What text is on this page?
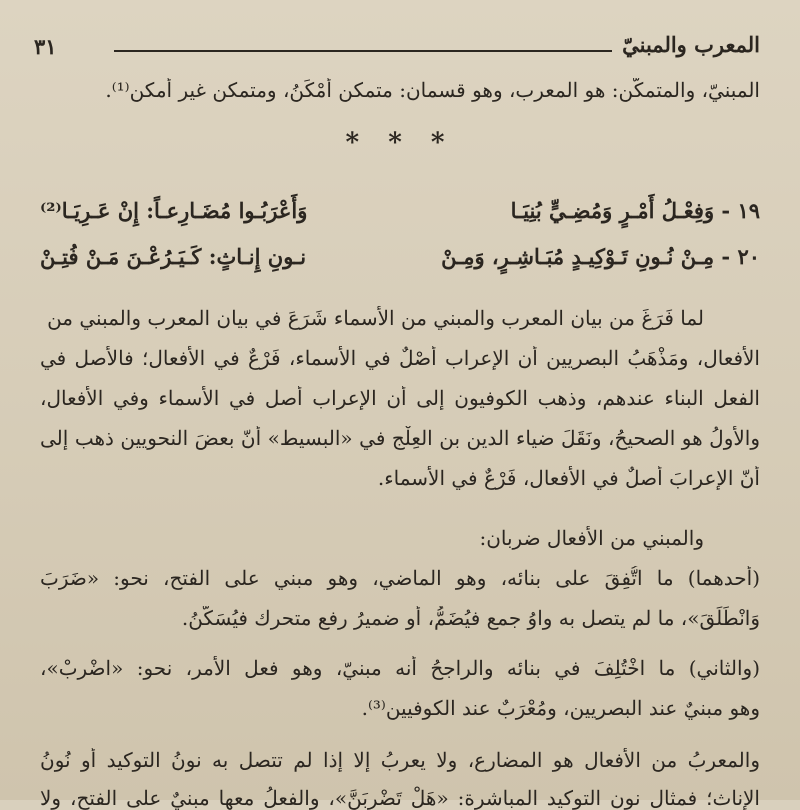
المعرب والمبنيّ
٣١
المبنيّ، والمتمكّن: هو المعرب، وهو قسمان: متمكن أَمْكَنُ، ومتمكن غير أمكن⁽¹⁾.
* * *
١٩ - وَفِعْـلُ أَمْـرٍ وَمُضِـيٍّ بُنِيَـا
وَأَعْرَبُـوا مُضَـارِعـاً: إِنْ عَـرِيَـا⁽²⁾
٢٠ - مِـنْ نُـونِ تَـوْكِيـدٍ مُبَـاشِـرٍ، وَمِـنْ
نـونِ إِنـاثٍ: كَـيَـرُعْـنَ مَـنْ فُتِـنْ
لما فَرَغَ من بيان المعرب والمبني من الأسماء شَرَعَ في بيان المعرب والمبني من
الأفعال، ومَذْهَبُ البصريين أن الإعراب أَصْلٌ في الأسماء، فَرْعٌ في الأفعال؛ فالأصل في
الفعل البناء عندهم، وذهب الكوفيون إلى أن الإعراب أصل في الأسماء وفي الأفعال،
والأولُ هو الصحيحُ، ونَقَلَ ضياء الدين بن العِلْج في «البسيط» أَنّ بعضَ النحويين ذهب إلى
أنّ الإعرابَ أصلٌ في الأفعال، فَرْعٌ في الأسماء.
والمبني من الأفعال ضربان:
(أحدهما) ما اتُّفِقَ على بنائه، وهو الماضي، وهو مبني على الفتح، نحو: «ضَرَبَ
وَانْطَلَقَ»، ما لم يتصل به واوُ جمعٍ فيُضَمُّ، أو ضميرُ رفعٍ متحرك فيُسَكَّنُ.
(والثاني) ما اخْتُلِفَ في بنائه والراجحُ أنه مبنيّ، وهو فعل الأمر، نحو: «اضْرِبْ»،
وهو مبنيٌ عند البصريين، ومُعْرَبٌ عند الكوفيين⁽³⁾.
والمعربُ من الأفعال هو المضارع، ولا يعربُ إلا إذا لم تتصل به نونُ التوكيد أو نُونُ
الإناث؛ فمثال نون التوكيد المباشرة: «هَلْ تَضْرِبَنَّ»، والفعلُ معها مبنيٌ على الفتح، ولا
